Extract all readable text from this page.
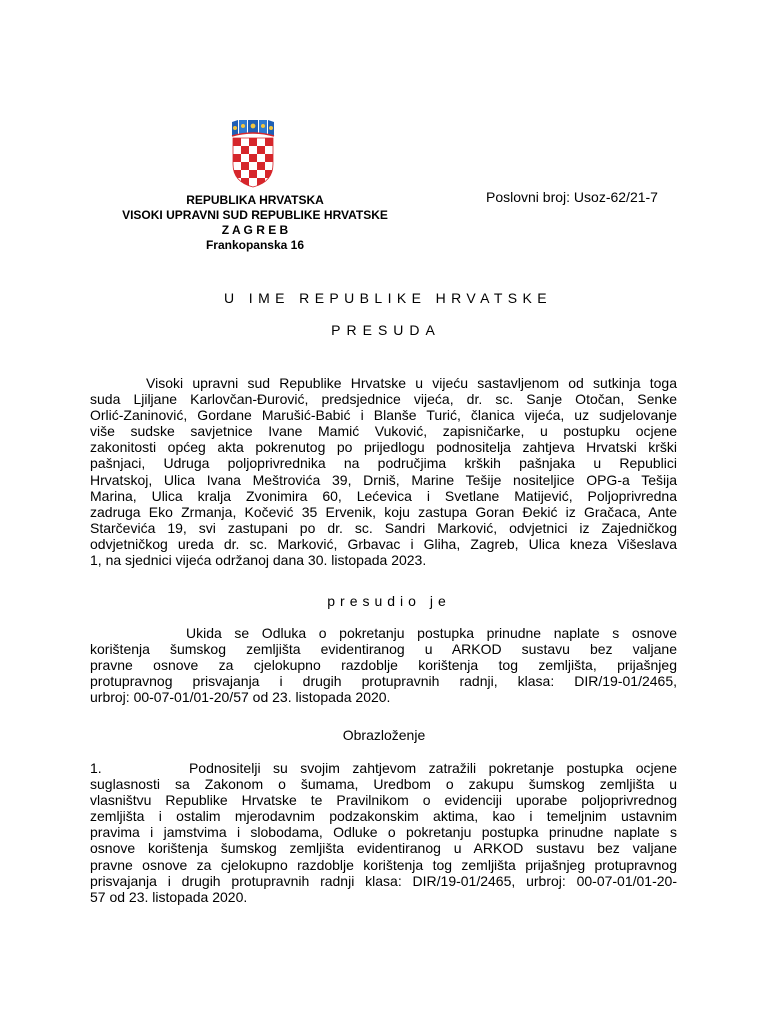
REPUBLIKA HRVATSKA
VISOKI UPRAVNI SUD REPUBLIKE HRVATSKE
Z A G R E B
Frankopanska 16
Poslovni broj: Usoz-62/21-7
U IME REPUBLIKE HRVATSKE
PRESUDA
Visoki upravni sud Republike Hrvatske u vijeću sastavljenom od sutkinja toga
suda Ljiljane Karlovčan-Đurović, predsjednice vijeća, dr. sc. Sanje Otočan, Senke
Orlić-Zaninović, Gordane Marušić-Babić i Blanše Turić, članica vijeća, uz sudjelovanje
više sudske savjetnice Ivane Mamić Vuković, zapisničarke, u postupku ocjene
zakonitosti općeg akta pokrenutog po prijedlogu podnositelja zahtjeva Hrvatski krški
pašnjaci, Udruga poljoprivrednika na područjima krških pašnjaka u Republici
Hrvatskoj, Ulica Ivana Meštrovića 39, Drniš, Marine Tešije nositeljice OPG-a Tešija
Marina, Ulica kralja Zvonimira 60, Lećevica i Svetlane Matijević, Poljoprivredna
zadruga Eko Zrmanja, Kočević 35 Ervenik, koju zastupa Goran Đekić iz Gračaca, Ante
Starčevića 19, svi zastupani po dr. sc. Sandri Marković, odvjetnici iz Zajedničkog
odvjetničkog ureda dr. sc. Marković, Grbavac i Gliha, Zagreb, Ulica kneza Višeslava
1, na sjednici vijeća održanoj dana 30. listopada 2023.
presudio je
Ukida se Odluka o pokretanju postupka prinudne naplate s osnove
korištenja šumskog zemljišta evidentiranog u ARKOD sustavu bez valjane
pravne osnove za cjelokupno razdoblje korištenja tog zemljišta, prijašnjeg
protupravnog prisvajanja i drugih protupravnih radnji, klasa: DIR/19-01/2465,
urbroj: 00-07-01/01-20/57 od 23. listopada 2020.
Obrazloženje
1.       Podnositelji su svojim zahtjevom zatražili pokretanje postupka ocjene
suglasnosti sa Zakonom o šumama, Uredbom o zakupu šumskog zemljišta u
vlasništvu Republike Hrvatske te Pravilnikom o evidenciji uporabe poljoprivrednog
zemljišta i ostalim mjerodavnim podzakonskim aktima, kao i temeljnim ustavnim
pravima i jamstvima i slobodama, Odluke o pokretanju postupka prinudne naplate s
osnove korištenja šumskog zemljišta evidentiranog u ARKOD sustavu bez valjane
pravne osnove za cjelokupno razdoblje korištenja tog zemljišta prijašnjeg protupravnog
prisvajanja i drugih protupravnih radnji klasa: DIR/19-01/2465, urbroj: 00-07-01/01-20-
57 od 23. listopada 2020.
